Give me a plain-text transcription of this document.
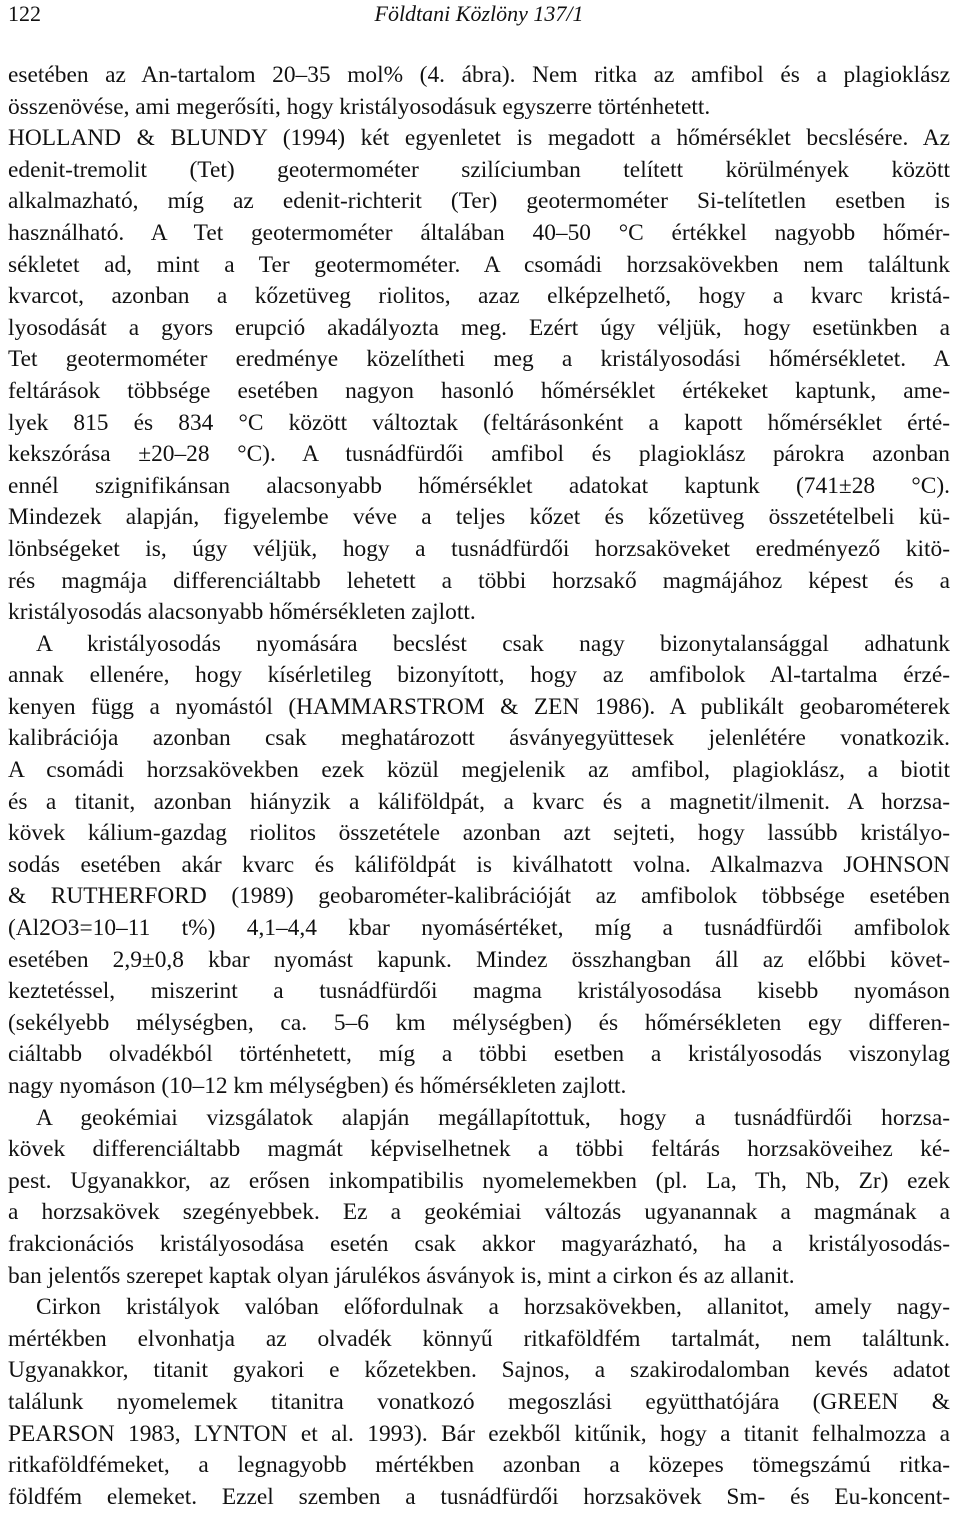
122	Földtani Közlöny 137/1
esetében az An-tartalom 20–35 mol% (4. ábra). Nem ritka az amfibol és a plagioklász
összenövése, ami megerősíti, hogy kristályosodásuk egyszerre történhetett.
HOLLAND & BLUNDY (1994) két egyenletet is megadott a hőmérséklet becslésére. Az
edenit-tremolit (Tet) geotermométer szilíciumban telített körülmények között
alkalmazható, míg az edenit-richterit (Ter) geotermométer Si-telítetlen esetben is
használható. A Tet geotermométer általában 40–50 °C értékkel nagyobb hőmér-
sékletet ad, mint a Ter geotermométer. A csomádi horzsakövekben nem találtunk
kvarcot, azonban a kőzetüveg riolitos, azaz elképzelhető, hogy a kvarc kristá-
lyosodását a gyors erupció akadályozta meg. Ezért úgy véljük, hogy esetünkben a
Tet geotermométer eredménye közelítheti meg a kristályosodási hőmérsékletet. A
feltárások többsége esetében nagyon hasonló hőmérséklet értékeket kaptunk, ame-
lyek 815 és 834 °C között változtak (feltárásonként a kapott hőmérséklet érté-
kekszórása ±20–28 °C). A tusnádfürdői amfibol és plagioklász párokra azonban
ennél szignifikánsan alacsonyabb hőmérséklet adatokat kaptunk (741±28 °C).
Mindezek alapján, figyelembe véve a teljes kőzet és kőzetüveg összetételbeli kü-
lönbségeket is, úgy véljük, hogy a tusnádfürdői horzsaköveket eredményező kitö-
rés magmája differenciáltabb lehetett a többi horzsakő magmájához képest és a
kristályosodás alacsonyabb hőmérsékleten zajlott.
A kristályosodás nyomására becslést csak nagy bizonytalansággal adhatunk
annak ellenére, hogy kísérletileg bizonyított, hogy az amfibolok Al-tartalma érzé-
kenyen függ a nyomástól (HAMMARSTROM & ZEN 1986). A publikált geobarométerek
kalibrációja azonban csak meghatározott ásványegyüttesek jelenlétére vonatkozik.
A csomádi horzsakövekben ezek közül megjelenik az amfibol, plagioklász, a biotit
és a titanit, azonban hiányzik a káliföldpát, a kvarc és a magnetit/ilmenit. A horzsa-
kövek kálium-gazdag riolitos összetétele azonban azt sejteti, hogy lassúbb kristályo-
sodás esetében akár kvarc és káliföldpát is kiválhatott volna. Alkalmazva JOHNSON
& RUTHERFORD (1989) geobarométer-kalibrációját az amfibolok többsége esetében
(Al2O3=10–11 t%) 4,1–4,4 kbar nyomásértéket, míg a tusnádfürdői amfibolok
esetében 2,9±0,8 kbar nyomást kapunk. Mindez összhangban áll az előbbi követ-
keztetéssel, miszerint a tusnádfürdői magma kristályosodása kisebb nyomáson
(sekélyebb mélységben, ca. 5–6 km mélységben) és hőmérsékleten egy differen-
ciáltabb olvadékból történhetett, míg a többi esetben a kristályosodás viszonylag
nagy nyomáson (10–12 km mélységben) és hőmérsékleten zajlott.
A geokémiai vizsgálatok alapján megállapítottuk, hogy a tusnádfürdői horzsa-
kövek differenciáltabb magmát képviselhetnek a többi feltárás horzsaköveihez ké-
pest. Ugyanakkor, az erősen inkompatibilis nyomelemekben (pl. La, Th, Nb, Zr) ezek
a horzsakövek szegényebbek. Ez a geokémiai változás ugyanannak a magmának a
frakcionációs kristályosodása esetén csak akkor magyarázható, ha a kristályosodás-
ban jelentős szerepet kaptak olyan járulékos ásványok is, mint a cirkon és az allanit.
Cirkon kristályok valóban előfordulnak a horzsakövekben, allanitot, amely nagy-
mértékben elvonhatja az olvadék könnyű ritkaföldfém tartalmát, nem találtunk.
Ugyanakkor, titanit gyakori e kőzetekben. Sajnos, a szakirodalomban kevés adatot
találunk nyomelemek titanitra vonatkozó megoszlási együtthatójára (GREEN &
PEARSON 1983, LYNTON et al. 1993). Bár ezekből kitűnik, hogy a titanit felhalmozza a
ritkaföldfémeket, a legnagyobb mértékben azonban a közepes tömegszámú ritka-
földfém elemeket. Ezzel szemben a tusnádfürdői horzsakövek Sm- és Eu-koncent-
